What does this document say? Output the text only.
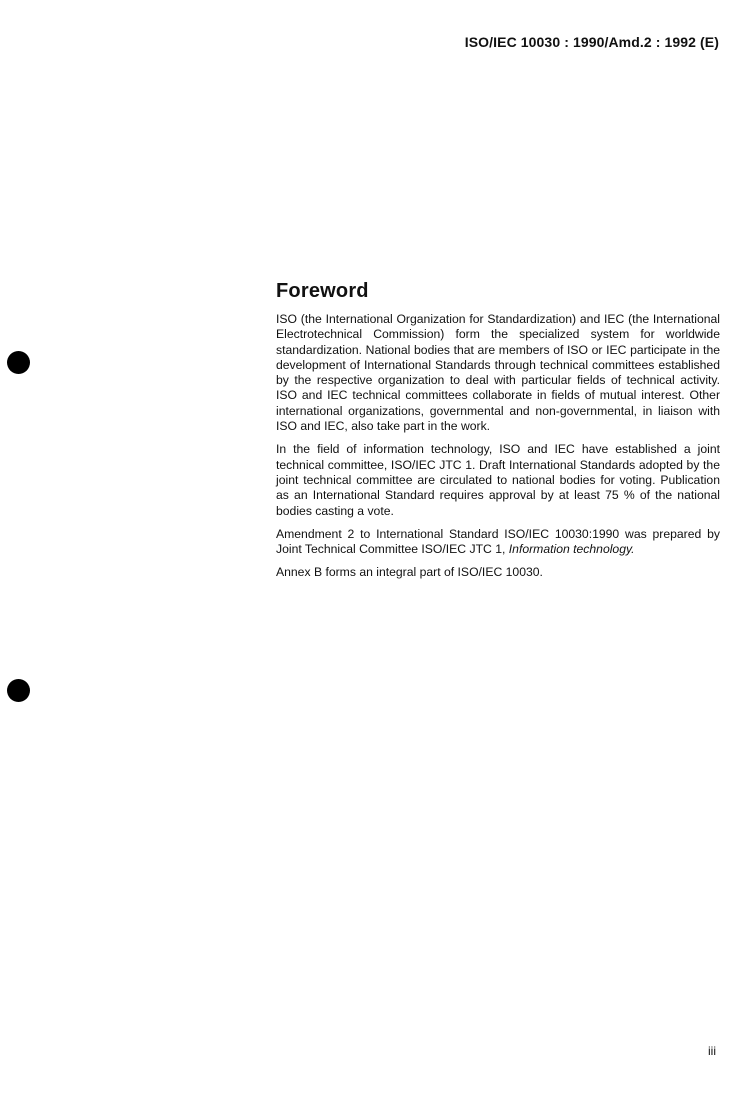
ISO/IEC 10030 : 1990/Amd.2 : 1992 (E)
Foreword

ISO (the International Organization for Standardization) and IEC (the International Electrotechnical Commission) form the specialized system for worldwide standardization. National bodies that are members of ISO or IEC participate in the development of International Standards through technical committees established by the respective organization to deal with particular fields of technical activity. ISO and IEC technical committees collaborate in fields of mutual interest. Other international organizations, governmental and non-governmental, in liaison with ISO and IEC, also take part in the work.

In the field of information technology, ISO and IEC have established a joint technical committee, ISO/IEC JTC 1. Draft International Standards adopted by the joint technical committee are circulated to national bodies for voting. Publication as an International Standard requires approval by at least 75 % of the national bodies casting a vote.

Amendment 2 to International Standard ISO/IEC 10030:1990 was prepared by Joint Technical Committee ISO/IEC JTC 1, Information technology.

Annex B forms an integral part of ISO/IEC 10030.

iii
